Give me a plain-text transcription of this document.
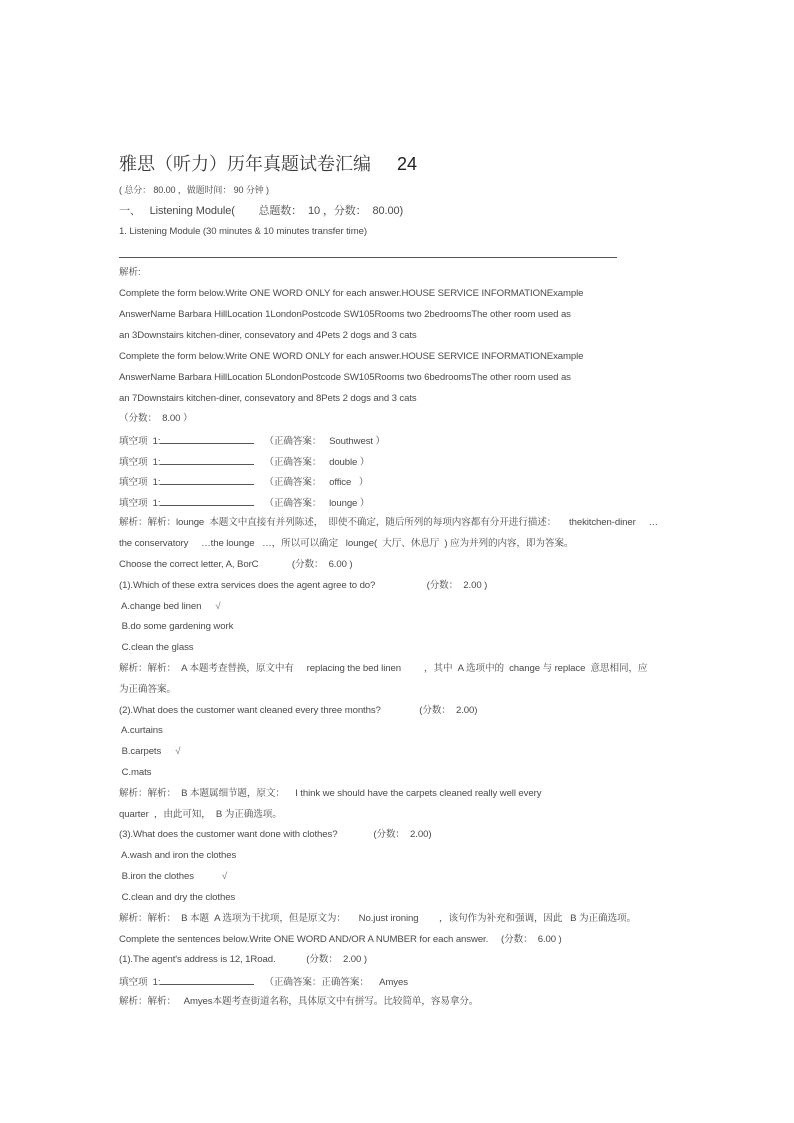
雅思（听力）历年真题试卷汇编 24
( 总分： 80.00 ，做题时间： 90 分钟 )
一、   Listening Module(        总题数：  10 ，分数：  80.00)
1. Listening Module (30 minutes & 10 minutes transfer time)
解析:
Complete the form below.Write ONE WORD ONLY for each answer.HOUSE SERVICE INFORMATIONExample
AnswerName Barbara HillLocation 1LondonPostcode SW105Rooms two 2bedroomsThe other room used as
an 3Downstairs kitchen-diner, consevatory and 4Pets 2 dogs and 3 cats
Complete the form below.Write ONE WORD ONLY for each answer.HOUSE SERVICE INFORMATIONExample
AnswerName Barbara HillLocation 5LondonPostcode SW105Rooms two 6bedroomsThe other room used as
an 7Downstairs kitchen-diner, consevatory and 8Pets 2 dogs and 3 cats
（分数：  8.00 ）
填空项  1:	（正确答案：   Southwest ）
填空项  1:	（正确答案：   double ）
填空项  1:	（正确答案：   office   ）
填空项  1:	（正确答案：   lounge ）
解析：解析：lounge  本题文中直接有并列陈述，  即使不确定，随后所列的每项内容都有分开进行描述：     thekitchen-diner     …
the conservatory     …the lounge   …，所以可以确定   lounge(  大厅、休息厅  ) 应为并列的内容，即为答案。
Choose the correct letter, A, BorC             (分数：  6.00 )
(1).Which of these extra services does the agent agree to do?                    (分数：  2.00 )
A.change bed linen √
B.do some gardening work
C.clean the glass
解析：解析：  A 本题考查替换，原文中有     replacing the bed linen         ，其中  A 选项中的  change 与 replace  意思相同，应
为正确答案。
(2).What does the customer want cleaned every three months?               (分数：  2.00)
A.curtains
B.carpets √
C.mats
解析：解析：  B 本题属细节题，原文：    I think we should have the carpets cleaned really well every
quarter  ，由此可知，  B 为正确选项。
(3).What does the customer want done with clothes?              (分数：  2.00)
A.wash and iron the clothes
B.iron the clothes	√
C.clean and dry the clothes
解析：解析：  B 本题  A 选项为干扰项，但是原文为：     No.just ironing        ，该句作为补充和强调，因此   B 为正确选项。
Complete the sentences below.Write ONE WORD AND/OR A NUMBER for each answer.     (分数：  6.00 )
(1).The agent's address is 12, 1Road.            (分数：  2.00 )
填空项  1:	（正确答案：正确答案：    Amyes
解析：解析：   Amyes本题考查街道名称，具体原文中有拼写。比较简单，容易拿分。
